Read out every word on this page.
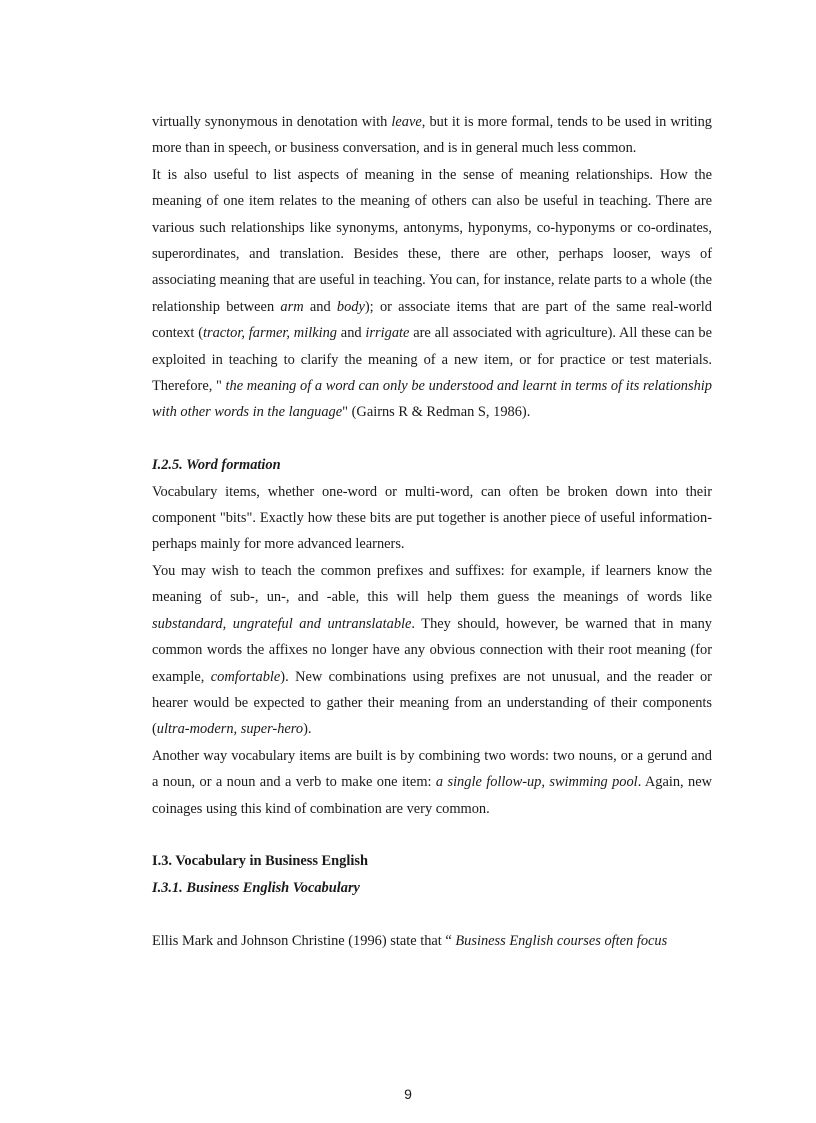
virtually synonymous in denotation with leave, but it is more formal, tends to be used in writing more than in speech, or business conversation, and is in general much less common.

It is also useful to list aspects of meaning in the sense of meaning relationships. How the meaning of one item relates to the meaning of others can also be useful in teaching. There are various such relationships like synonyms, antonyms, hyponyms, co-hyponyms or co-ordinates, superordinates, and translation. Besides these, there are other, perhaps looser, ways of associating meaning that are useful in teaching. You can, for instance, relate parts to a whole (the relationship between arm and body); or associate items that are part of the same real-world context (tractor, farmer, milking and irrigate are all associated with agriculture). All these can be exploited in teaching to clarify the meaning of a new item, or for practice or test materials. Therefore, " the meaning of a word can only be understood and learnt in terms of its relationship with other words in the language" (Gairns R & Redman S, 1986).

I.2.5. Word formation

Vocabulary items, whether one-word or multi-word, can often be broken down into their component "bits". Exactly how these bits are put together is another piece of useful information-perhaps mainly for more advanced learners.

You may wish to teach the common prefixes and suffixes: for example, if learners know the meaning of sub-, un-, and -able, this will help them guess the meanings of words like substandard, ungrateful and untranslatable. They should, however, be warned that in many common words the affixes no longer have any obvious connection with their root meaning (for example, comfortable). New combinations using prefixes are not unusual, and the reader or hearer would be expected to gather their meaning from an understanding of their components (ultra-modern, super-hero).

Another way vocabulary items are built is by combining two words: two nouns, or a gerund and a noun, or a noun and a verb to make one item: a single follow-up, swimming pool. Again, new coinages using this kind of combination are very common.

I.3. Vocabulary in Business English

I.3.1. Business English Vocabulary

Ellis Mark and Johnson Christine (1996) state that “ Business English courses often focus

9
